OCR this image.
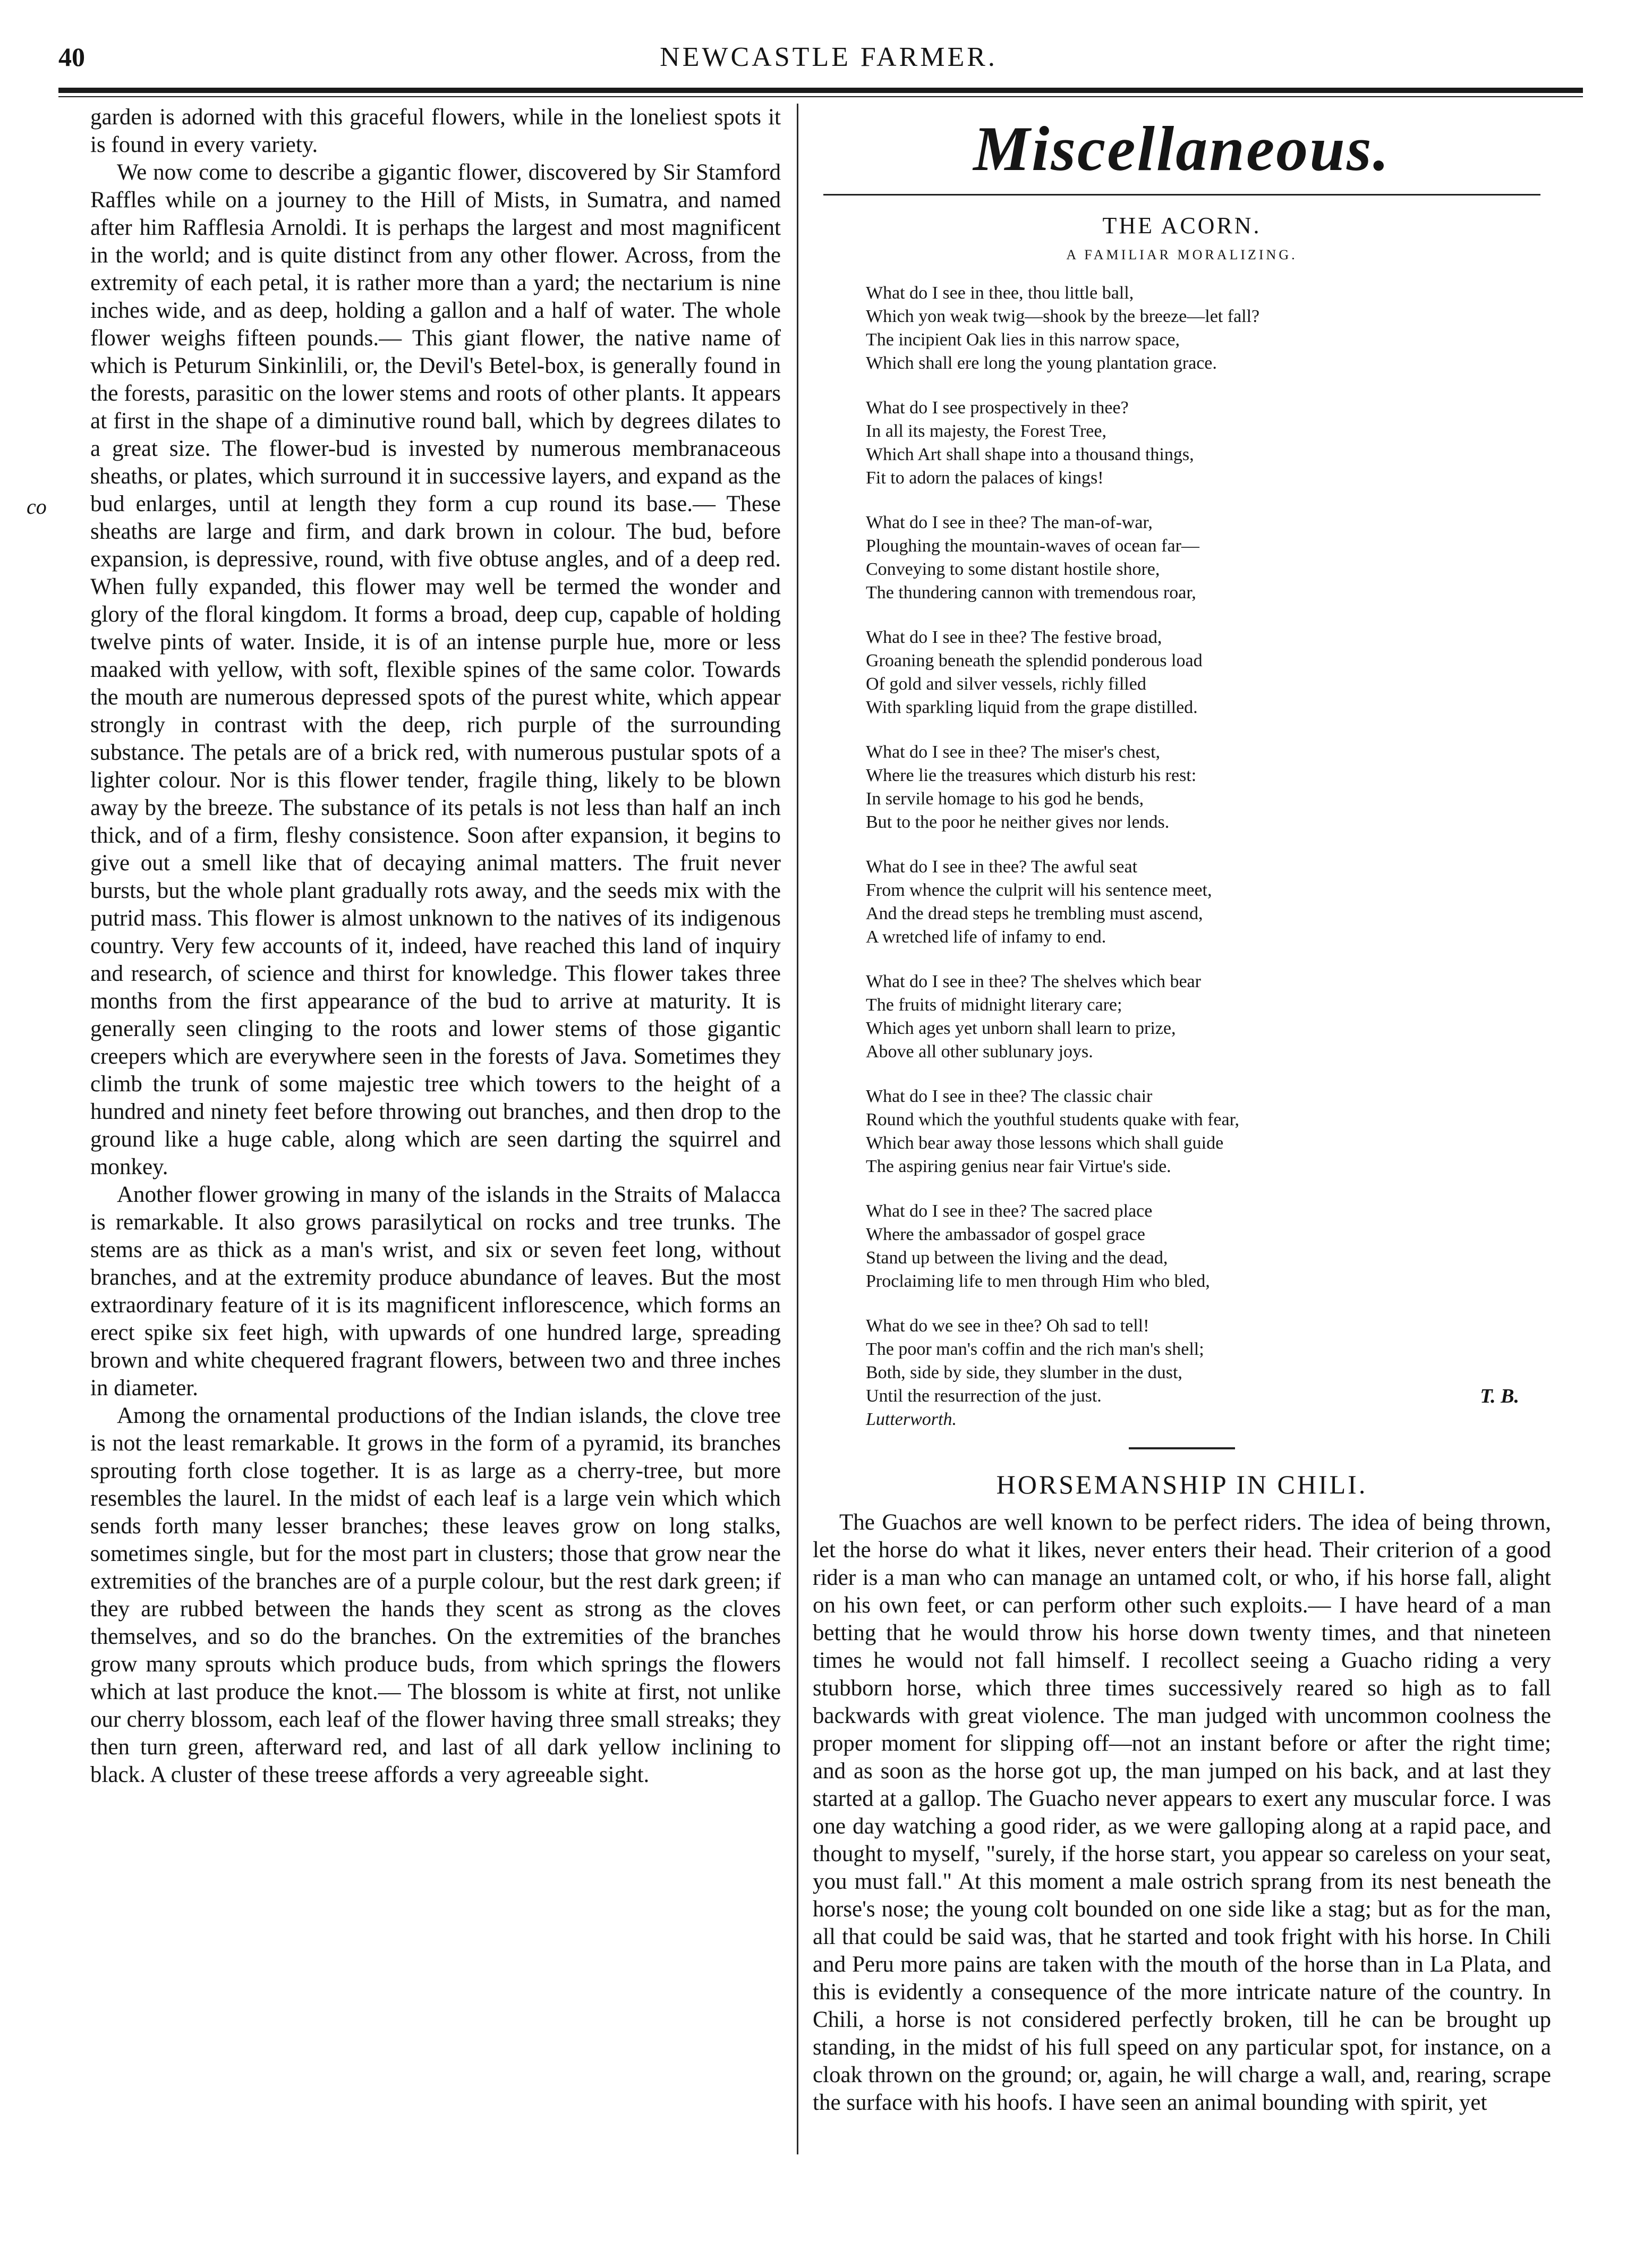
40	NEWCASTLE FARMER.
co

garden is adorned with this graceful flowers, while in the loneliest spots it is found in every variety.

We now come to describe a gigantic flower, discovered by Sir Stamford Raffles while on a journey to the Hill of Mists, in Sumatra, and named after him Rafflesia Arnoldi. It is perhaps the largest and most magnificent in the world; and is quite distinct from any other flower. Across, from the extremity of each petal, it is rather more than a yard; the nectarium is nine inches wide, and as deep, holding a gallon and a half of water. The whole flower weighs fifteen pounds.— This giant flower, the native name of which is Peturum Sinkinlili, or, the Devil's Betel-box, is generally found in the forests, parasitic on the lower stems and roots of other plants. It appears at first in the shape of a diminutive round ball, which by degrees dilates to a great size. The flower-bud is invested by numerous membranaceous sheaths, or plates, which surround it in successive layers, and expand as the bud enlarges, until at length they form a cup round its base.— These sheaths are large and firm, and dark brown in colour. The bud, before expansion, is depressive, round, with five obtuse angles, and of a deep red. When fully expanded, this flower may well be termed the wonder and glory of the floral kingdom. It forms a broad, deep cup, capable of holding twelve pints of water. Inside, it is of an intense purple hue, more or less maaked with yellow, with soft, flexible spines of the same color. Towards the mouth are numerous depressed spots of the purest white, which appear strongly in contrast with the deep, rich purple of the surrounding substance. The petals are of a brick red, with numerous pustular spots of a lighter colour. Nor is this flower tender, fragile thing, likely to be blown away by the breeze. The substance of its petals is not less than half an inch thick, and of a firm, fleshy consistence. Soon after expansion, it begins to give out a smell like that of decaying animal matters. The fruit never bursts, but the whole plant gradually rots away, and the seeds mix with the putrid mass. This flower is almost unknown to the natives of its indigenous country. Very few accounts of it, indeed, have reached this land of inquiry and research, of science and thirst for knowledge. This flower takes three months from the first appearance of the bud to arrive at maturity. It is generally seen clinging to the roots and lower stems of those gigantic creepers which are everywhere seen in the forests of Java. Sometimes they climb the trunk of some majestic tree which towers to the height of a hundred and ninety feet before throwing out branches, and then drop to the ground like a huge cable, along which are seen darting the squirrel and monkey.

Another flower growing in many of the islands in the Straits of Malacca is remarkable. It also grows parasilytical on rocks and tree trunks. The stems are as thick as a man's wrist, and six or seven feet long, without branches, and at the extremity produce abundance of leaves. But the most extraordinary feature of it is its magnificent inflorescence, which forms an erect spike six feet high, with upwards of one hundred large, spreading brown and white chequered fragrant flowers, between two and three inches in diameter.

Among the ornamental productions of the Indian islands, the clove tree is not the least remarkable. It grows in the form of a pyramid, its branches sprouting forth close together. It is as large as a cherry-tree, but more resembles the laurel. In the midst of each leaf is a large vein which which sends forth many lesser branches; these leaves grow on long stalks, sometimes single, but for the most part in clusters; those that grow near the extremities of the branches are of a purple colour, but the rest dark green; if they are rubbed between the hands they scent as strong as the cloves themselves, and so do the branches. On the extremities of the branches grow many sprouts which produce buds, from which springs the flowers which at last produce the knot.— The blossom is white at first, not unlike our cherry blossom, each leaf of the flower having three small streaks; they then turn green, afterward red, and last of all dark yellow inclining to black. A cluster of these treese affords a very agreeable sight.

Miscellaneous.
THE ACORN.
A FAMILIAR MORALIZING.
What do I see in thee, thou little ball,
Which yon weak twig—shook by the breeze—let fall?
The incipient Oak lies in this narrow space,
Which shall ere long the young plantation grace.
What do I see prospectively in thee?
In all its majesty, the Forest Tree,
Which Art shall shape into a thousand things,
Fit to adorn the palaces of kings!
What do I see in thee? The man-of-war,
Ploughing the mountain-waves of ocean far—
Conveying to some distant hostile shore,
The thundering cannon with tremendous roar,
What do I see in thee? The festive broad,
Groaning beneath the splendid ponderous load
Of gold and silver vessels, richly filled
With sparkling liquid from the grape distilled.
What do I see in thee? The miser's chest,
Where lie the treasures which disturb his rest:
In servile homage to his god he bends,
But to the poor he neither gives nor lends.
What do I see in thee? The awful seat
From whence the culprit will his sentence meet,
And the dread steps he trembling must ascend,
A wretched life of infamy to end.
What do I see in thee? The shelves which bear
The fruits of midnight literary care;
Which ages yet unborn shall learn to prize,
Above all other sublunary joys.
What do I see in thee? The classic chair
Round which the youthful students quake with fear,
Which bear away those lessons which shall guide
The aspiring genius near fair Virtue's side.
What do I see in thee? The sacred place
Where the ambassador of gospel grace
Stand up between the living and the dead,
Proclaiming life to men through Him who bled,
What do we see in thee? Oh sad to tell!
The poor man's coffin and the rich man's shell;
Both, side by side, they slumber in the dust,
Until the resurrection of the just.
Lutterworth.
T. B.
HORSEMANSHIP IN CHILI.

The Guachos are well known to be perfect riders. The idea of being thrown, let the horse do what it likes, never enters their head. Their criterion of a good rider is a man who can manage an untamed colt, or who, if his horse fall, alight on his own feet, or can perform other such exploits.— I have heard of a man betting that he would throw his horse down twenty times, and that nineteen times he would not fall himself. I recollect seeing a Guacho riding a very stubborn horse, which three times successively reared so high as to fall backwards with great violence. The man judged with uncommon coolness the proper moment for slipping off—not an instant before or after the right time; and as soon as the horse got up, the man jumped on his back, and at last they started at a gallop. The Guacho never appears to exert any muscular force. I was one day watching a good rider, as we were galloping along at a rapid pace, and thought to myself, "surely, if the horse start, you appear so careless on your seat, you must fall." At this moment a male ostrich sprang from its nest beneath the horse's nose; the young colt bounded on one side like a stag; but as for the man, all that could be said was, that he started and took fright with his horse. In Chili and Peru more pains are taken with the mouth of the horse than in La Plata, and this is evidently a consequence of the more intricate nature of the country. In Chili, a horse is not considered perfectly broken, till he can be brought up standing, in the midst of his full speed on any particular spot, for instance, on a cloak thrown on the ground; or, again, he will charge a wall, and, rearing, scrape the surface with his hoofs. I have seen an animal bounding with spirit, yet
